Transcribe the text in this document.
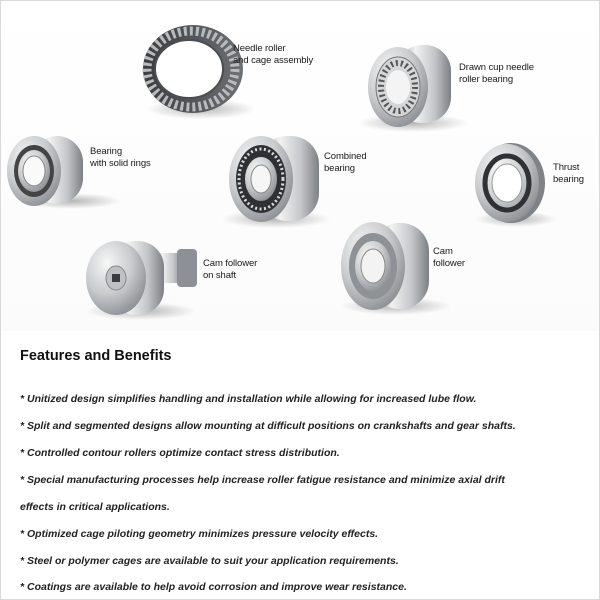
Needle roller
and cage assembly
Drawn cup needle
roller bearing
Bearing
with solid rings
Combined
bearing	Thrust
bearing
Cam follower
on shaft
Cam
follower
Features and Benefits
* Unitized design simplifies handling and installation while allowing for increased lube flow.
* Split and segmented designs allow mounting at difficult positions on crankshafts and gear shafts.
* Controlled contour rollers optimize contact stress distribution.
* Special manufacturing processes help increase roller fatigue resistance and minimize axial drift
effects in critical applications.
* Optimized cage piloting geometry minimizes pressure velocity effects.
* Steel or polymer cages are available to suit your application requirements.
* Coatings are available to help avoid corrosion and improve wear resistance.
